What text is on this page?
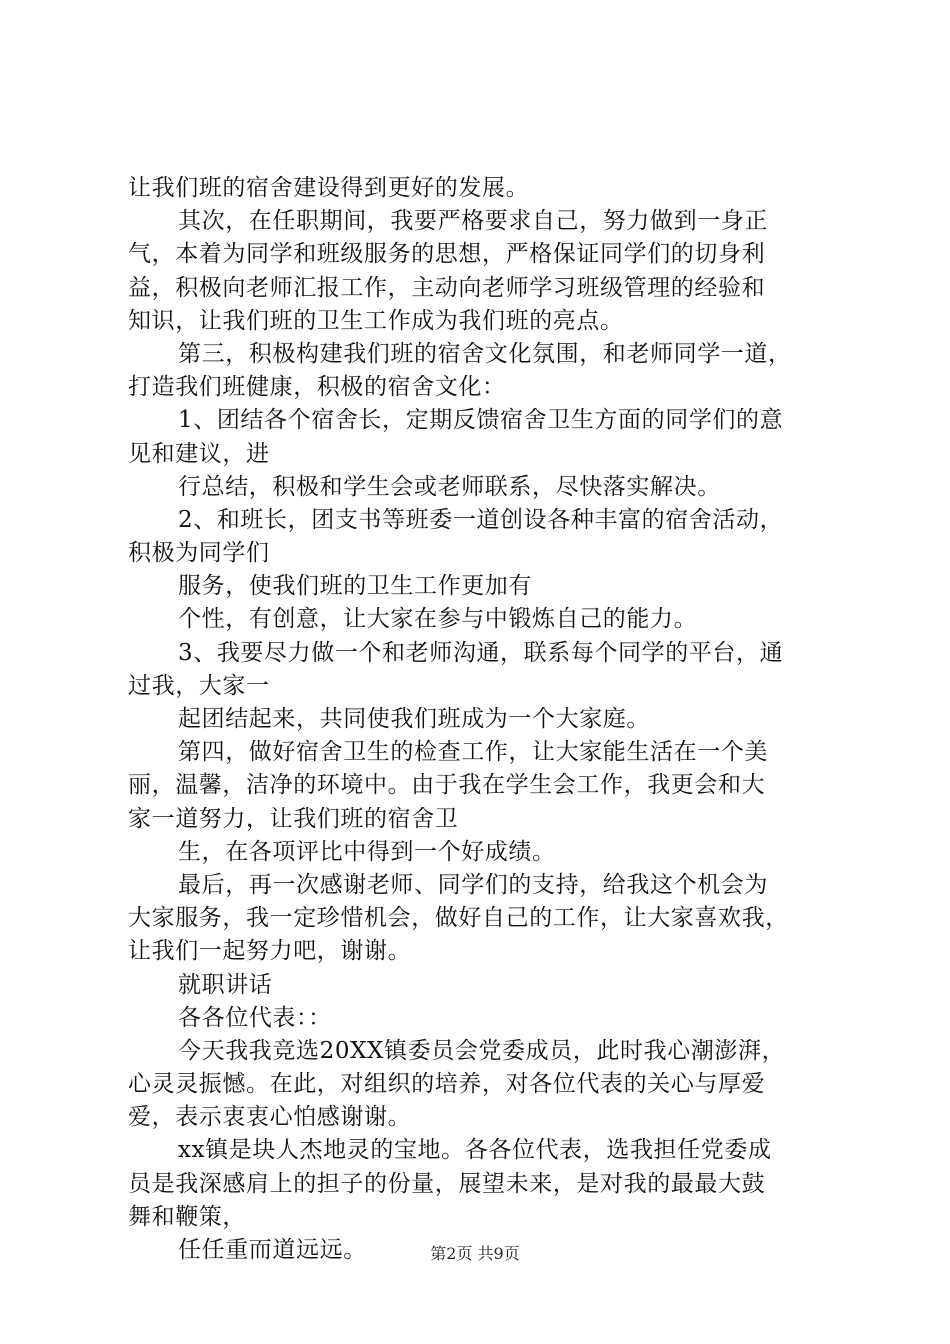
让我们班的宿舍建设得到更好的发展。
其次，在任职期间，我要严格要求自己，努力做到一身正
气，本着为同学和班级服务的思想，严格保证同学们的切身利
益，积极向老师汇报工作，主动向老师学习班级管理的经验和
知识，让我们班的卫生工作成为我们班的亮点。
第三，积极构建我们班的宿舍文化氛围，和老师同学一道，
打造我们班健康，积极的宿舍文化：
1、团结各个宿舍长，定期反馈宿舍卫生方面的同学们的意
见和建议，进
行总结，积极和学生会或老师联系，尽快落实解决。
2、和班长，团支书等班委一道创设各种丰富的宿舍活动，
积极为同学们
服务，使我们班的卫生工作更加有
个性，有创意，让大家在参与中锻炼自己的能力。
3、我要尽力做一个和老师沟通，联系每个同学的平台，通
过我，大家一
起团结起来，共同使我们班成为一个大家庭。
第四，做好宿舍卫生的检查工作，让大家能生活在一个美
丽，温馨，洁净的环境中。由于我在学生会工作，我更会和大
家一道努力，让我们班的宿舍卫
生，在各项评比中得到一个好成绩。
最后，再一次感谢老师、同学们的支持，给我这个机会为
大家服务，我一定珍惜机会，做好自己的工作，让大家喜欢我，
让我们一起努力吧，谢谢。
就职讲话
各各位代表：：
今天我我竞选20XX镇委员会党委成员，此时我心潮澎湃，
心灵灵振憾。在此，对组织的培养，对各位代表的关心与厚爱
爱，表示衷衷心怕感谢谢。
xx镇是块人杰地灵的宝地。各各位代表，选我担任党委成
员是我深感肩上的担子的份量，展望未来，是对我的最最大鼓
舞和鞭策，
任任重而道远远。	第2页 共9页
